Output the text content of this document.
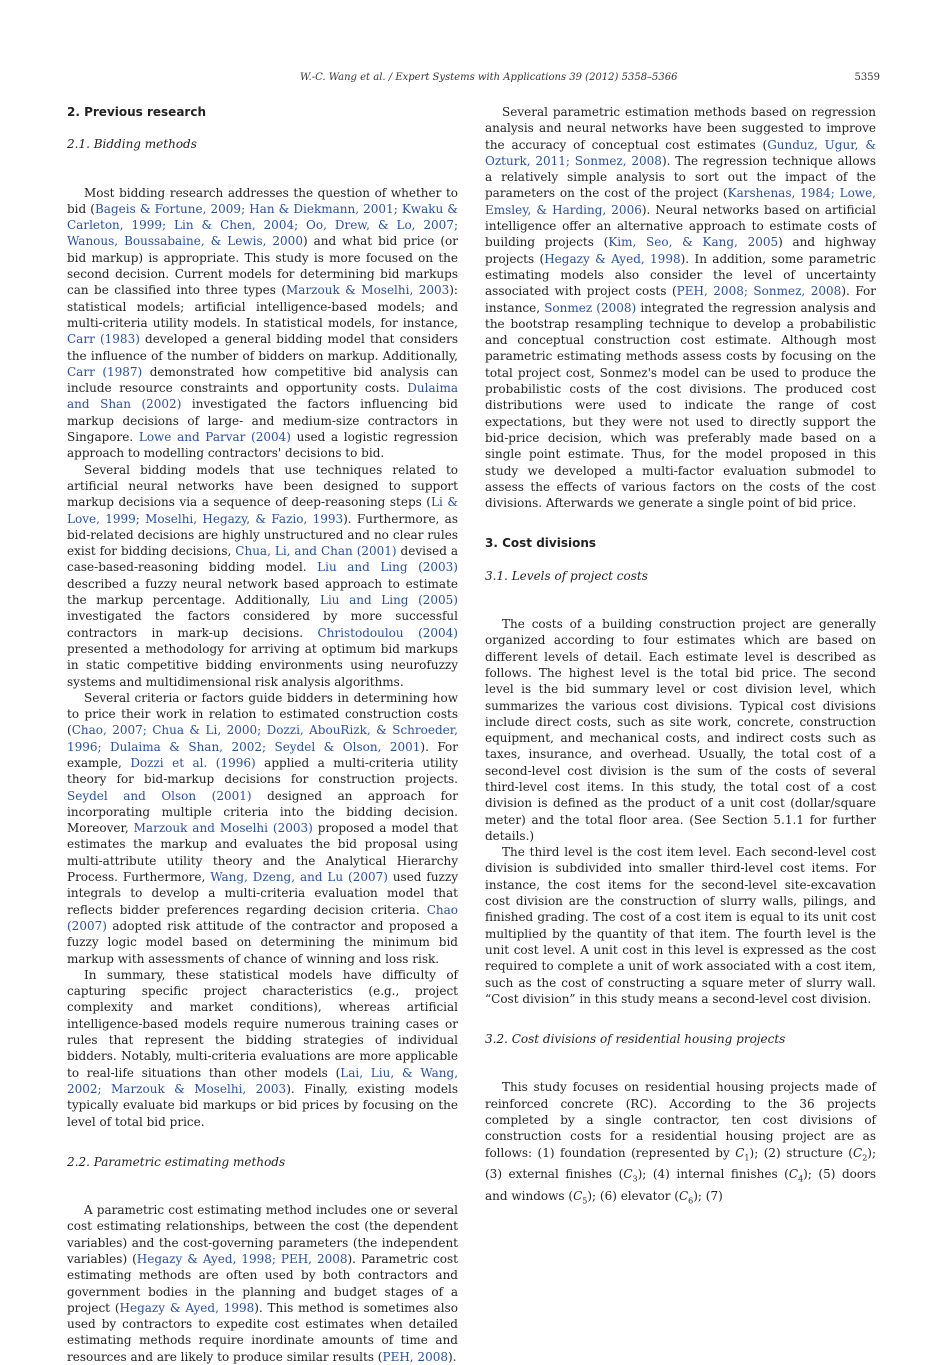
W.-C. Wang et al. / Expert Systems with Applications 39 (2012) 5358–5366	5359
2. Previous research
2.1. Bidding methods

Most bidding research addresses the question of whether to bid (Bageis & Fortune, 2009; Han & Diekmann, 2001; Kwaku & Carleton, 1999; Lin & Chen, 2004; Oo, Drew, & Lo, 2007; Wanous, Boussabaine, & Lewis, 2000) and what bid price (or bid markup) is appropriate. This study is more focused on the second decision. Current models for determining bid markups can be classified into three types (Marzouk & Moselhi, 2003): statistical models; artificial intelligence-based models; and multi-criteria utility models. In statistical models, for instance, Carr (1983) developed a general bidding model that considers the influence of the number of bidders on markup. Additionally, Carr (1987) demonstrated how competitive bid analysis can include resource constraints and opportunity costs. Dulaima and Shan (2002) investigated the factors influencing bid markup decisions of large- and medium-size contractors in Singapore. Lowe and Parvar (2004) used a logistic regression approach to modelling contractors' decisions to bid.

Several bidding models that use techniques related to artificial neural networks have been designed to support markup decisions via a sequence of deep-reasoning steps (Li & Love, 1999; Moselhi, Hegazy, & Fazio, 1993). Furthermore, as bid-related decisions are highly unstructured and no clear rules exist for bidding decisions, Chua, Li, and Chan (2001) devised a case-based-reasoning bidding model. Liu and Ling (2003) described a fuzzy neural network based approach to estimate the markup percentage. Additionally, Liu and Ling (2005) investigated the factors considered by more successful contractors in mark-up decisions. Christodoulou (2004) presented a methodology for arriving at optimum bid markups in static competitive bidding environments using neurofuzzy systems and multidimensional risk analysis algorithms.

Several criteria or factors guide bidders in determining how to price their work in relation to estimated construction costs (Chao, 2007; Chua & Li, 2000; Dozzi, AbouRizk, & Schroeder, 1996; Dulaima & Shan, 2002; Seydel & Olson, 2001). For example, Dozzi et al. (1996) applied a multi-criteria utility theory for bid-markup decisions for construction projects. Seydel and Olson (2001) designed an approach for incorporating multiple criteria into the bidding decision. Moreover, Marzouk and Moselhi (2003) proposed a model that estimates the markup and evaluates the bid proposal using multi-attribute utility theory and the Analytical Hierarchy Process. Furthermore, Wang, Dzeng, and Lu (2007) used fuzzy integrals to develop a multi-criteria evaluation model that reflects bidder preferences regarding decision criteria. Chao (2007) adopted risk attitude of the contractor and proposed a fuzzy logic model based on determining the minimum bid markup with assessments of chance of winning and loss risk.

In summary, these statistical models have difficulty of capturing specific project characteristics (e.g., project complexity and market conditions), whereas artificial intelligence-based models require numerous training cases or rules that represent the bidding strategies of individual bidders. Notably, multi-criteria evaluations are more applicable to real-life situations than other models (Lai, Liu, & Wang, 2002; Marzouk & Moselhi, 2003). Finally, existing models typically evaluate bid markups or bid prices by focusing on the level of total bid price.

2.2. Parametric estimating methods

A parametric cost estimating method includes one or several cost estimating relationships, between the cost (the dependent variables) and the cost-governing parameters (the independent variables) (Hegazy & Ayed, 1998; PEH, 2008). Parametric cost estimating methods are often used by both contractors and government bodies in the planning and budget stages of a project (Hegazy & Ayed, 1998). This method is sometimes also used by contractors to expedite cost estimates when detailed estimating methods require inordinate amounts of time and resources and are likely to produce similar results (PEH, 2008).

Several parametric estimation methods based on regression analysis and neural networks have been suggested to improve the accuracy of conceptual cost estimates (Gunduz, Ugur, & Ozturk, 2011; Sonmez, 2008). The regression technique allows a relatively simple analysis to sort out the impact of the parameters on the cost of the project (Karshenas, 1984; Lowe, Emsley, & Harding, 2006). Neural networks based on artificial intelligence offer an alternative approach to estimate costs of building projects (Kim, Seo, & Kang, 2005) and highway projects (Hegazy & Ayed, 1998). In addition, some parametric estimating models also consider the level of uncertainty associated with project costs (PEH, 2008; Sonmez, 2008). For instance, Sonmez (2008) integrated the regression analysis and the bootstrap resampling technique to develop a probabilistic and conceptual construction cost estimate. Although most parametric estimating methods assess costs by focusing on the total project cost, Sonmez's model can be used to produce the probabilistic costs of the cost divisions. The produced cost distributions were used to indicate the range of cost expectations, but they were not used to directly support the bid-price decision, which was preferably made based on a single point estimate. Thus, for the model proposed in this study we developed a multi-factor evaluation submodel to assess the effects of various factors on the costs of the cost divisions. Afterwards we generate a single point of bid price.

3. Cost divisions
3.1. Levels of project costs

The costs of a building construction project are generally organized according to four estimates which are based on different levels of detail. Each estimate level is described as follows. The highest level is the total bid price. The second level is the bid summary level or cost division level, which summarizes the various cost divisions. Typical cost divisions include direct costs, such as site work, concrete, construction equipment, and mechanical costs, and indirect costs such as taxes, insurance, and overhead. Usually, the total cost of a second-level cost division is the sum of the costs of several third-level cost items. In this study, the total cost of a cost division is defined as the product of a unit cost (dollar/square meter) and the total floor area. (See Section 5.1.1 for further details.)

The third level is the cost item level. Each second-level cost division is subdivided into smaller third-level cost items. For instance, the cost items for the second-level site-excavation cost division are the construction of slurry walls, pilings, and finished grading. The cost of a cost item is equal to its unit cost multiplied by the quantity of that item. The fourth level is the unit cost level. A unit cost in this level is expressed as the cost required to complete a unit of work associated with a cost item, such as the cost of constructing a square meter of slurry wall. “Cost division” in this study means a second-level cost division.

3.2. Cost divisions of residential housing projects

This study focuses on residential housing projects made of reinforced concrete (RC). According to the 36 projects completed by a single contractor, ten cost divisions of construction costs for a residential housing project are as follows: (1) foundation (represented by $C_1$); (2) structure $(C_2)$; (3) external finishes $(C_3)$; (4) internal finishes $(C_4)$; (5) doors and windows $(C_5)$; (6) elevator $(C_6)$; (7)
